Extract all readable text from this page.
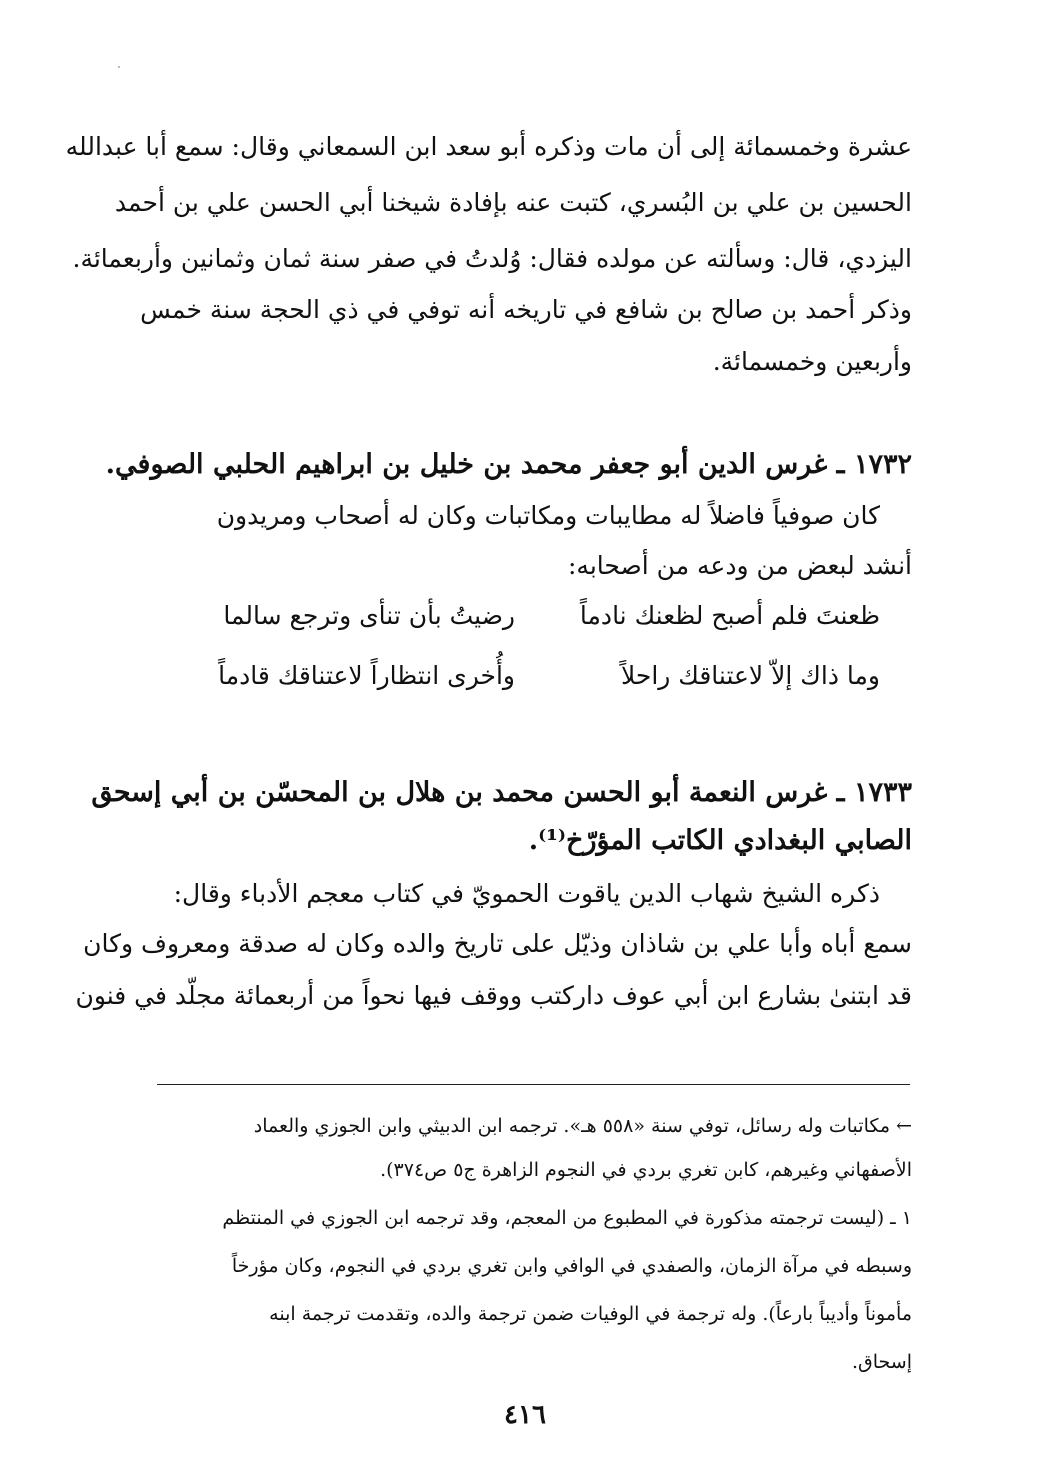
عشرة وخمسمائة إلى أن مات وذكره أبو سعد ابن السمعاني وقال: سمع أبا عبدالله
الحسين بن علي بن البُسري، كتبت عنه بإفادة شيخنا أبي الحسن علي بن أحمد
اليزدي، قال: وسألته عن مولده فقال: وُلدتُ في صفر سنة ثمان وثمانين وأربعمائة.
وذكر أحمد بن صالح بن شافع في تاريخه أنه توفي في ذي الحجة سنة خمس
وأربعين وخمسمائة.
١٧٣٢ ـ غرس الدين أبو جعفر محمد بن خليل بن ابراهيم الحلبي الصوفي.
كان صوفياً فاضلاً له مطايبات ومكاتبات وكان له أصحاب ومريدون
أنشد لبعض من ودعه من أصحابه:
ظعنتَ فلم أصبح لظعنك نادماً
رضيتُ بأن تنأى وترجع سالما
وما ذاك إلاّ لاعتناقك راحلاً
وأُخرى انتظاراً لاعتناقك قادماً
١٧٣٣ ـ غرس النعمة أبو الحسن محمد بن هلال بن المحسّن بن أبي إسحق
الصابي البغدادي الكاتب المؤرّخ⁽¹⁾.
ذكره الشيخ شهاب الدين ياقوت الحمويّ في كتاب معجم الأدباء وقال:
سمع أباه وأبا علي بن شاذان وذيّل على تاريخ والده وكان له صدقة ومعروف وكان
قد ابتنىٰ بشارع ابن أبي عوف داركتب ووقف فيها نحواً من أربعمائة مجلّد في فنون
← مكاتبات وله رسائل، توفي سنة «٥٥٨ هـ». ترجمه ابن الدبيثي وابن الجوزي والعماد
الأصفهاني وغيرهم، كابن تغري بردي في النجوم الزاهرة ج٥ ص٣٧٤).
١ ـ (ليست ترجمته مذكورة في المطبوع من المعجم، وقد ترجمه ابن الجوزي في المنتظم
وسبطه في مرآة الزمان، والصفدي في الوافي وابن تغري بردي في النجوم، وكان مؤرخاً
مأموناً وأديباً بارعاً). وله ترجمة في الوفيات ضمن ترجمة والده، وتقدمت ترجمة ابنه
إسحاق.
٤١٦
